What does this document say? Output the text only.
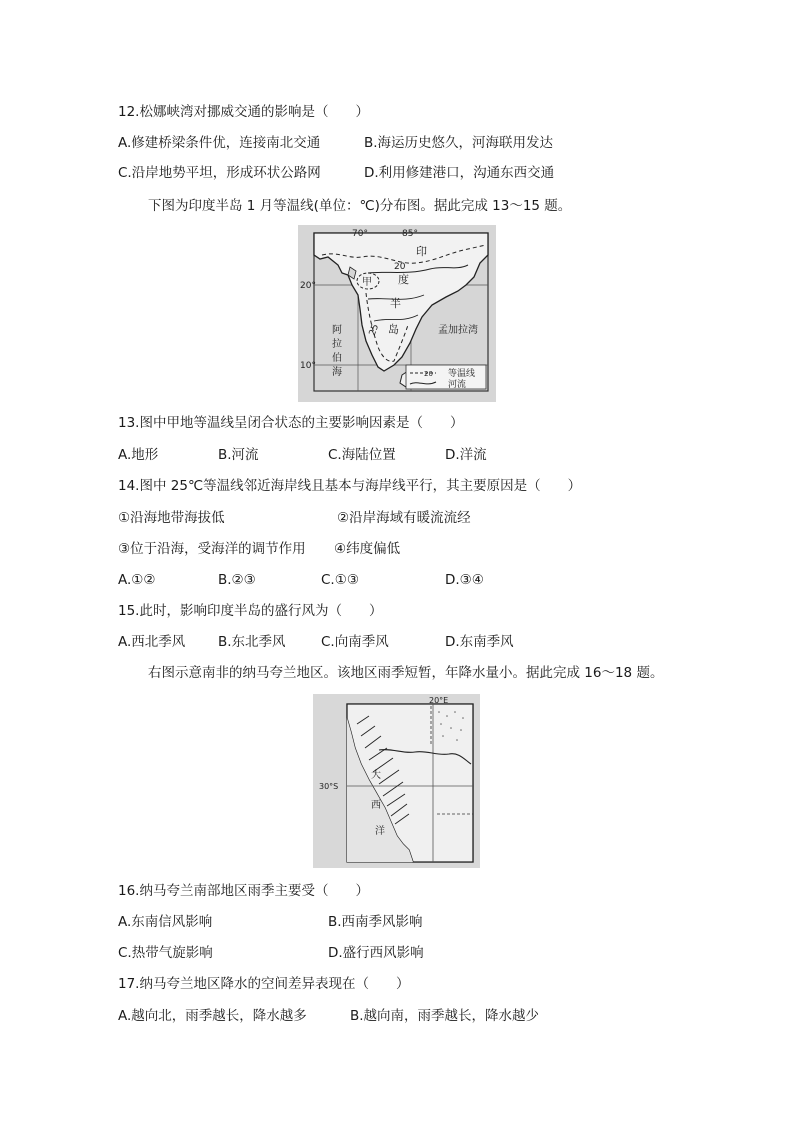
12.松娜峡湾对挪威交通的影响是（　　）
A.修建桥梁条件优，连接南北交通	B.海运历史悠久，河海联用发达
C.沿岸地势平坦，形成环状公路网	D.利用修建港口，沟通东西交通
下图为印度半岛 1 月等温线(单位：℃)分布图。据此完成 13～15 题。
70°	85°
20°
10°
印
度
半
岛
甲
20
25
阿
拉
伯
海
孟加拉湾
20 等温线
河流
13.图中甲地等温线呈闭合状态的主要影响因素是（　　）
A.地形	B.河流	C.海陆位置	D.洋流
14.图中 25℃等温线邻近海岸线且基本与海岸线平行，其主要原因是（　　）
①沿海地带海拔低	②沿岸海域有暖流流经
③位于沿海，受海洋的调节作用 ④纬度偏低
A.①②	B.②③	C.①③	D.③④
15.此时，影响印度半岛的盛行风为（　　）
A.西北季风 B.东北季风	C.向南季风	D.东南季风
右图示意南非的纳马夸兰地区。该地区雨季短暂，年降水量小。据此完成 16～18 题。
20°E
30°S
大
西
洋
16.纳马夸兰南部地区雨季主要受（　　）
A.东南信风影响	B.西南季风影响
C.热带气旋影响	D.盛行西风影响
17.纳马夸兰地区降水的空间差异表现在（　　）
A.越向北，雨季越长，降水越多	B.越向南，雨季越长，降水越少
